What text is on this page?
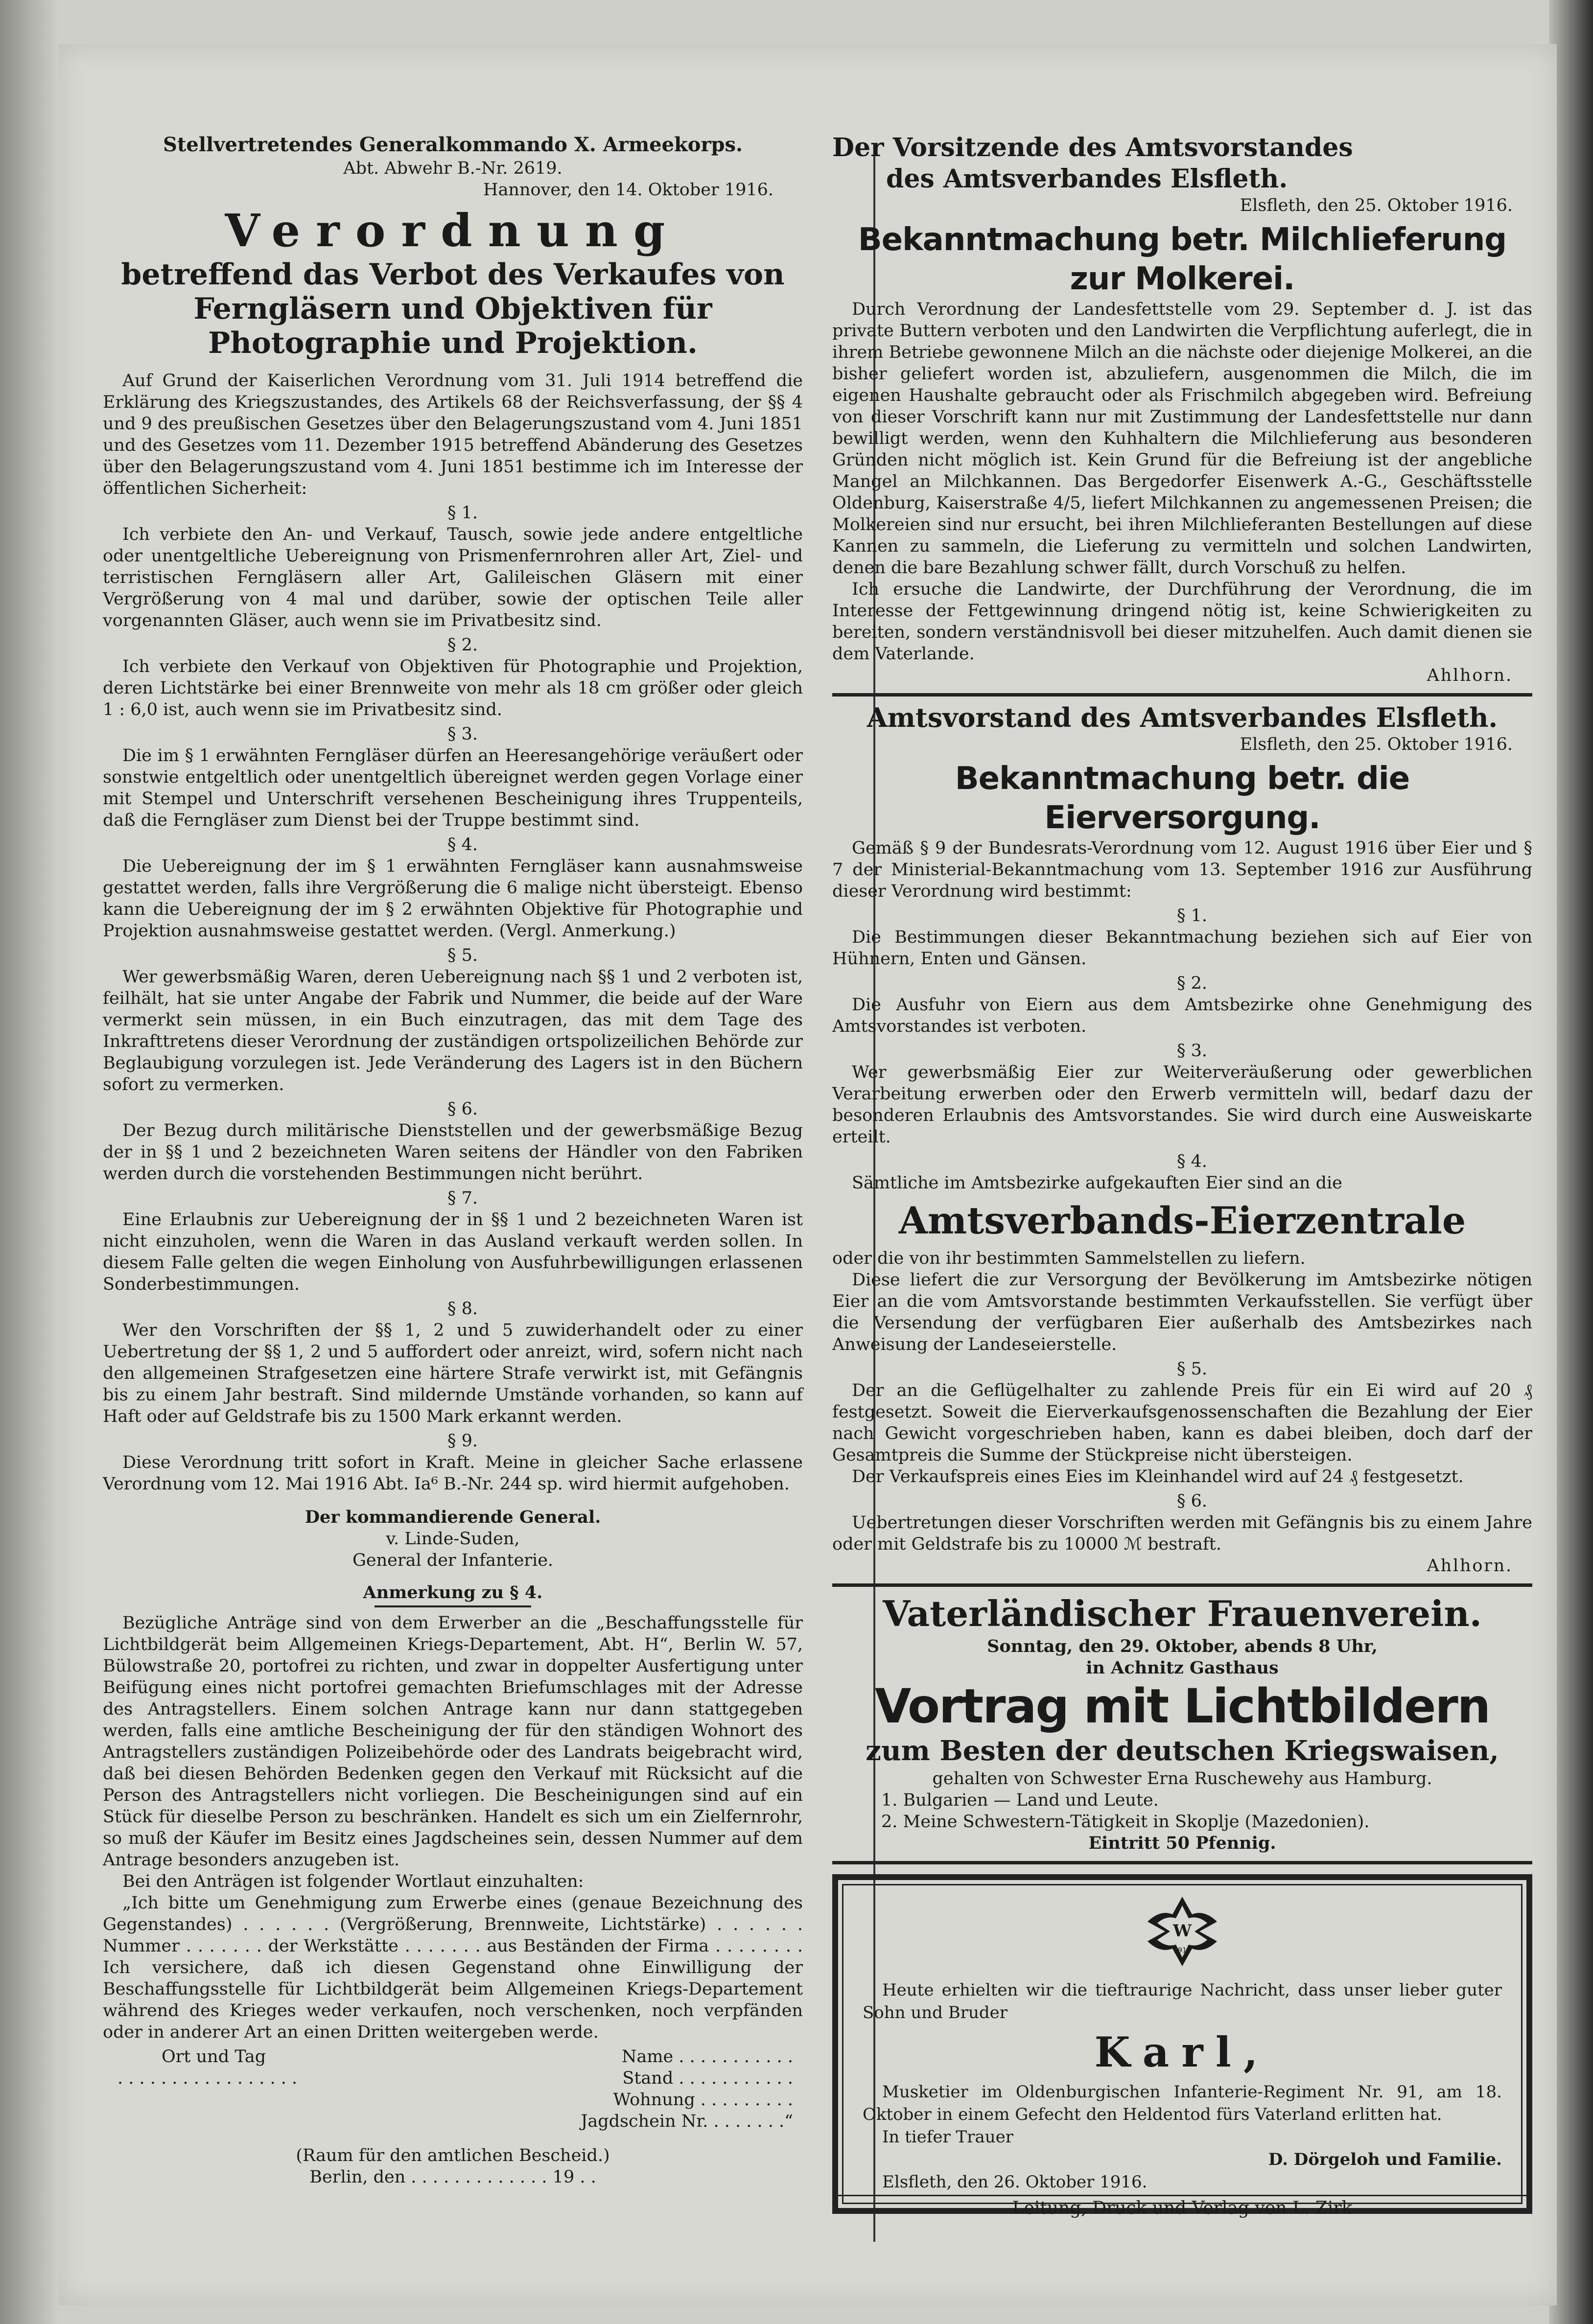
Stellvertretendes Generalkommando X. Armeekorps.

Abt. Abwehr B.-Nr. 2619.

Hannover, den 14. Oktober 1916.

Verordnung
betreffend das Verbot des Verkaufes von Ferngläsern und Objektiven für Photographie und Projektion.

Auf Grund der Kaiserlichen Verordnung vom 31. Juli 1914 betreffend die Erklärung des Kriegszustandes, des Artikels 68 der Reichsverfassung, der §§ 4 und 9 des preußischen Gesetzes über den Belagerungszustand vom 4. Juni 1851 und des Gesetzes vom 11. Dezember 1915 betreffend Abänderung des Gesetzes über den Belagerungszustand vom 4. Juni 1851 bestimme ich im Interesse der öffentlichen Sicherheit:

§ 1.

Ich verbiete den An- und Verkauf, Tausch, sowie jede andere entgeltliche oder unentgeltliche Uebereignung von Prismenfernrohren aller Art, Ziel- und terristischen Ferngläsern aller Art, Galileischen Gläsern mit einer Vergrößerung von 4 mal und darüber, sowie der optischen Teile aller vorgenannten Gläser, auch wenn sie im Privatbesitz sind.

§ 2.

Ich verbiete den Verkauf von Objektiven für Photographie und Projektion, deren Lichtstärke bei einer Brennweite von mehr als 18 cm größer oder gleich 1 : 6,0 ist, auch wenn sie im Privatbesitz sind.

§ 3.

Die im § 1 erwähnten Ferngläser dürfen an Heeresangehörige veräußert oder sonstwie entgeltlich oder unentgeltlich übereignet werden gegen Vorlage einer mit Stempel und Unterschrift versehenen Bescheinigung ihres Truppenteils, daß die Ferngläser zum Dienst bei der Truppe bestimmt sind.

§ 4.

Die Uebereignung der im § 1 erwähnten Ferngläser kann ausnahmsweise gestattet werden, falls ihre Vergrößerung die 6 malige nicht übersteigt. Ebenso kann die Uebereignung der im § 2 erwähnten Objektive für Photographie und Projektion ausnahmsweise gestattet werden. (Vergl. Anmerkung.)

§ 5.

Wer gewerbsmäßig Waren, deren Uebereignung nach §§ 1 und 2 verboten ist, feilhält, hat sie unter Angabe der Fabrik und Nummer, die beide auf der Ware vermerkt sein müssen, in ein Buch einzutragen, das mit dem Tage des Inkrafttretens dieser Verordnung der zuständigen ortspolizeilichen Behörde zur Beglaubigung vorzulegen ist. Jede Veränderung des Lagers ist in den Büchern sofort zu vermerken.

§ 6.

Der Bezug durch militärische Dienststellen und der gewerbsmäßige Bezug der in §§ 1 und 2 bezeichneten Waren seitens der Händler von den Fabriken werden durch die vorstehenden Bestimmungen nicht berührt.

§ 7.

Eine Erlaubnis zur Uebereignung der in §§ 1 und 2 bezeichneten Waren ist nicht einzuholen, wenn die Waren in das Ausland verkauft werden sollen. In diesem Falle gelten die wegen Einholung von Ausfuhrbewilligungen erlassenen Sonderbestimmungen.

§ 8.

Wer den Vorschriften der §§ 1, 2 und 5 zuwiderhandelt oder zu einer Uebertretung der §§ 1, 2 und 5 auffordert oder anreizt, wird, sofern nicht nach den allgemeinen Strafgesetzen eine härtere Strafe verwirkt ist, mit Gefängnis bis zu einem Jahr bestraft. Sind mildernde Umstände vorhanden, so kann auf Haft oder auf Geldstrafe bis zu 1500 Mark erkannt werden.

§ 9.

Diese Verordnung tritt sofort in Kraft. Meine in gleicher Sache erlassene Verordnung vom 12. Mai 1916 Abt. Ia⁶ B.-Nr. 244 sp. wird hiermit aufgehoben.

Der kommandierende General.

v. Linde-Suden,

General der Infanterie.

Anmerkung zu § 4.

Bezügliche Anträge sind von dem Erwerber an die „Beschaffungsstelle für Lichtbildgerät beim Allgemeinen Kriegs-Departement, Abt. H“, Berlin W. 57, Bülowstraße 20, portofrei zu richten, und zwar in doppelter Ausfertigung unter Beifügung eines nicht portofrei gemachten Briefumschlages mit der Adresse des Antragstellers. Einem solchen Antrage kann nur dann stattgegeben werden, falls eine amtliche Bescheinigung der für den ständigen Wohnort des Antragstellers zuständigen Polizeibehörde oder des Landrats beigebracht wird, daß bei diesen Behörden Bedenken gegen den Verkauf mit Rücksicht auf die Person des Antragstellers nicht vorliegen. Die Bescheinigungen sind auf ein Stück für dieselbe Person zu beschränken. Handelt es sich um ein Zielfernrohr, so muß der Käufer im Besitz eines Jagdscheines sein, dessen Nummer auf dem Antrage besonders anzugeben ist.

Bei den Anträgen ist folgender Wortlaut einzuhalten:

„Ich bitte um Genehmigung zum Erwerbe eines (genaue Bezeichnung des Gegenstandes) . . . . . . (Vergrößerung, Brennweite, Lichtstärke) . . . . . . Nummer . . . . . . . der Werkstätte . . . . . . . aus Beständen der Firma . . . . . . . . Ich versichere, daß ich diesen Gegenstand ohne Einwilligung der Beschaffungsstelle für Lichtbildgerät beim Allgemeinen Kriegs-Departement während des Krieges weder verkaufen, noch verschenken, noch verpfänden oder in anderer Art an einen Dritten weitergeben werde.

Ort und Tag	Name . . . . . . . . . . .
. . . . . . . . . . . . . . . . .	Stand . . . . . . . . . . .
Wohnung . . . . . . . . .
Jagdschein Nr. . . . . . . .“

(Raum für den amtlichen Bescheid.)

Berlin, den . . . . . . . . . . . . . 19 . .

Der Vorsitzende des Amtsvorstandes
des Amtsverbandes Elsfleth.

Elsfleth, den 25. Oktober 1916.

Bekanntmachung betr. Milchlieferung zur Molkerei.

Durch Verordnung der Landesfettstelle vom 29. September d. J. ist das private Buttern verboten und den Landwirten die Verpflichtung auferlegt, die in ihrem Betriebe gewonnene Milch an die nächste oder diejenige Molkerei, an die bisher geliefert worden ist, abzuliefern, ausgenommen die Milch, die im eigenen Haushalte gebraucht oder als Frischmilch abgegeben wird. Befreiung von dieser Vorschrift kann nur mit Zustimmung der Landesfettstelle nur dann bewilligt werden, wenn den Kuhhaltern die Milchlieferung aus besonderen Gründen nicht möglich ist. Kein Grund für die Befreiung ist der angebliche Mangel an Milchkannen. Das Bergedorfer Eisenwerk A.-G., Geschäftsstelle Oldenburg, Kaiserstraße 4/5, liefert Milchkannen zu angemessenen Preisen; die Molkereien sind nur ersucht, bei ihren Milchlieferanten Bestellungen auf diese Kannen zu sammeln, die Lieferung zu vermitteln und solchen Landwirten, denen die bare Bezahlung schwer fällt, durch Vorschuß zu helfen.

Ich ersuche die Landwirte, der Durchführung der Verordnung, die im Interesse der Fettgewinnung dringend nötig ist, keine Schwierigkeiten zu bereiten, sondern verständnisvoll bei dieser mitzuhelfen. Auch damit dienen sie dem Vaterlande.

Ahlhorn.

Amtsvorstand des Amtsverbandes Elsfleth.

Elsfleth, den 25. Oktober 1916.

Bekanntmachung betr. die Eierversorgung.

Gemäß § 9 der Bundesrats-Verordnung vom 12. August 1916 über Eier und § 7 der Ministerial-Bekanntmachung vom 13. September 1916 zur Ausführung dieser Verordnung wird bestimmt:

§ 1.

Die Bestimmungen dieser Bekanntmachung beziehen sich auf Eier von Hühnern, Enten und Gänsen.

§ 2.

Die Ausfuhr von Eiern aus dem Amtsbezirke ohne Genehmigung des Amtsvorstandes ist verboten.

§ 3.

Wer gewerbsmäßig Eier zur Weiterveräußerung oder gewerblichen Verarbeitung erwerben oder den Erwerb vermitteln will, bedarf dazu der besonderen Erlaubnis des Amtsvorstandes. Sie wird durch eine Ausweiskarte erteilt.

§ 4.

Sämtliche im Amtsbezirke aufgekauften Eier sind an die

Amtsverbands-Eierzentrale

oder die von ihr bestimmten Sammelstellen zu liefern.

Diese liefert die zur Versorgung der Bevölkerung im Amtsbezirke nötigen Eier an die vom Amtsvorstande bestimmten Verkaufsstellen. Sie verfügt über die Versendung der verfügbaren Eier außerhalb des Amtsbezirkes nach Anweisung der Landeseierstelle.

§ 5.

Der an die Geflügelhalter zu zahlende Preis für ein Ei wird auf 20 ₰ festgesetzt. Soweit die Eierverkaufsgenossenschaften die Bezahlung der Eier nach Gewicht vorgeschrieben haben, kann es dabei bleiben, doch darf der Gesamtpreis die Summe der Stückpreise nicht übersteigen.

Der Verkaufspreis eines Eies im Kleinhandel wird auf 24 ₰ festgesetzt.

§ 6.

Uebertretungen dieser Vorschriften werden mit Gefängnis bis zu einem Jahre oder mit Geldstrafe bis zu 10000 ℳ bestraft.

Ahlhorn.

Vaterländischer Frauenverein.

Sonntag, den 29. Oktober, abends 8 Uhr,

in Achnitz Gasthaus

Vortrag mit Lichtbildern
zum Besten der deutschen Kriegswaisen,

gehalten von Schwester Erna Ruschewehy aus Hamburg.

1. Bulgarien — Land und Leute.

2. Meine Schwestern-Tätigkeit in Skoplje (Mazedonien).

Eintritt 50 Pfennig.

W
1914

Heute erhielten wir die tieftraurige Nachricht, dass unser lieber guter Sohn und Bruder

Karl,

Musketier im Oldenburgischen Infanterie-Regiment Nr. 91, am 18. Oktober in einem Gefecht den Heldentod fürs Vaterland erlitten hat.

In tiefer Trauer

D. Dörgeloh und Familie.

Elsfleth, den 26. Oktober 1916.

Leitung, Druck und Verlag von L. Zirk
